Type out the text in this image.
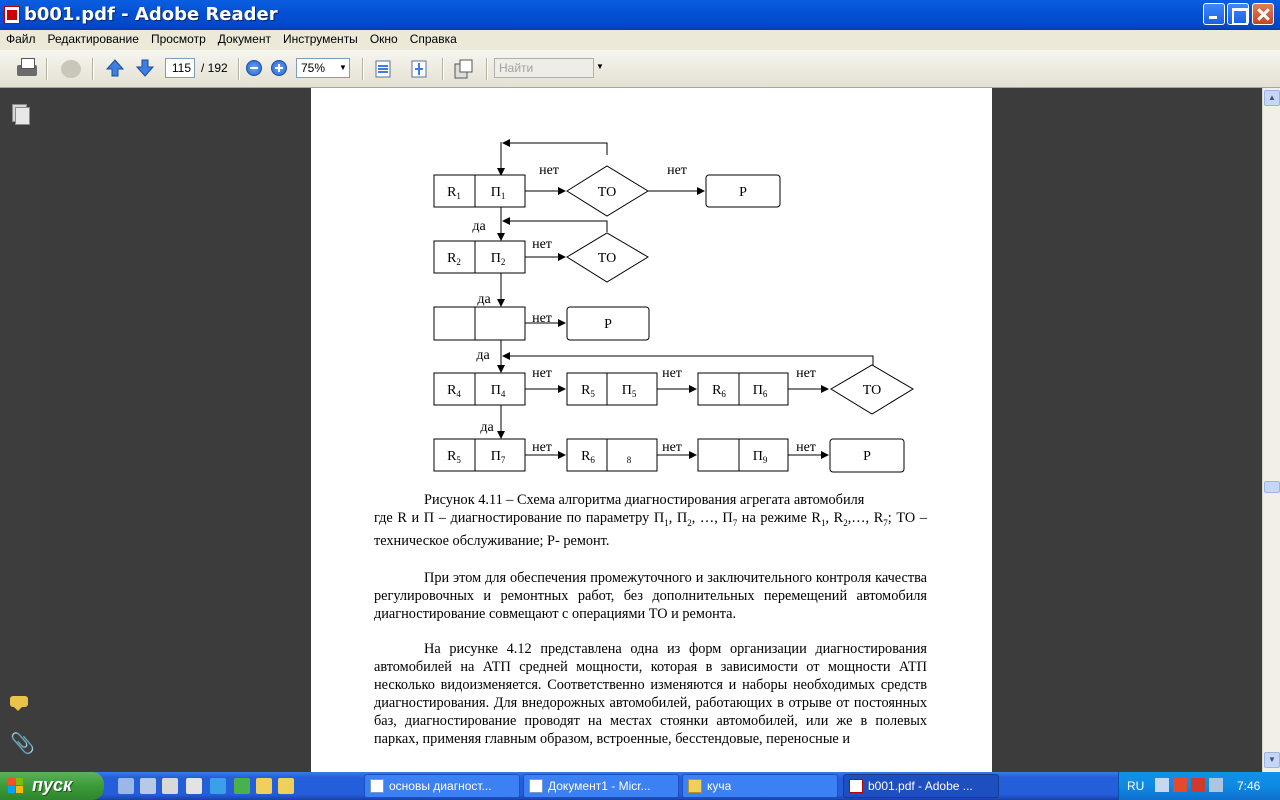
b001.pdf - Adobe Reader
Файл Редактирование Просмотр Документ Инструменты Окно Справка
115 / 192	75% ▼	Найти	▼
📎
нет	нет
да
нет
да
нет
да
нет	нет	нет
да
нет	нет	нет
ТО	Р
ТО
Р
ТО
Р
$R_1$ $П_1$
$R_2$ $П_2$
$R_4$ $П_4$	$R_5$ $П_5$	$R_6$ $П_6$
$R_5$ $П_7$	$R_6$	$_8$	$П_9$
Рисунок 4.11 – Схема алгоритма диагностирования агрегата автомобиля
где R и П – диагностирование по параметру $П_1$, $П_2$, …, $П_7$ на режиме $R_1$, $R_2,\dots$, $R_7$; ТО – техническое обслуживание; Р- ремонт.
При этом для обеспечения промежуточного и заключительного контроля качества регулировочных и ремонтных работ, без дополнительных перемещений автомобиля диагностирование совмещают с операциями ТО и ремонта.
На рисунке 4.12 представлена одна из форм организации диагностирования автомобилей на АТП средней мощности, которая в зависимости от мощности АТП несколько видоизменяется. Соответственно изменяются и наборы необходимых средств диагностирования. Для внедорожных автомобилей, работающих в отрыве от постоянных баз, диагностирование проводят на местах стоянки автомобилей, или же в полевых парках, применяя главным образом, встроенные, бесстендовые, переносные и
▲
▼
пуск	основы диагност...	Документ1 - Micr...	куча	b001.pdf - Adobe ...	RU	7:46
